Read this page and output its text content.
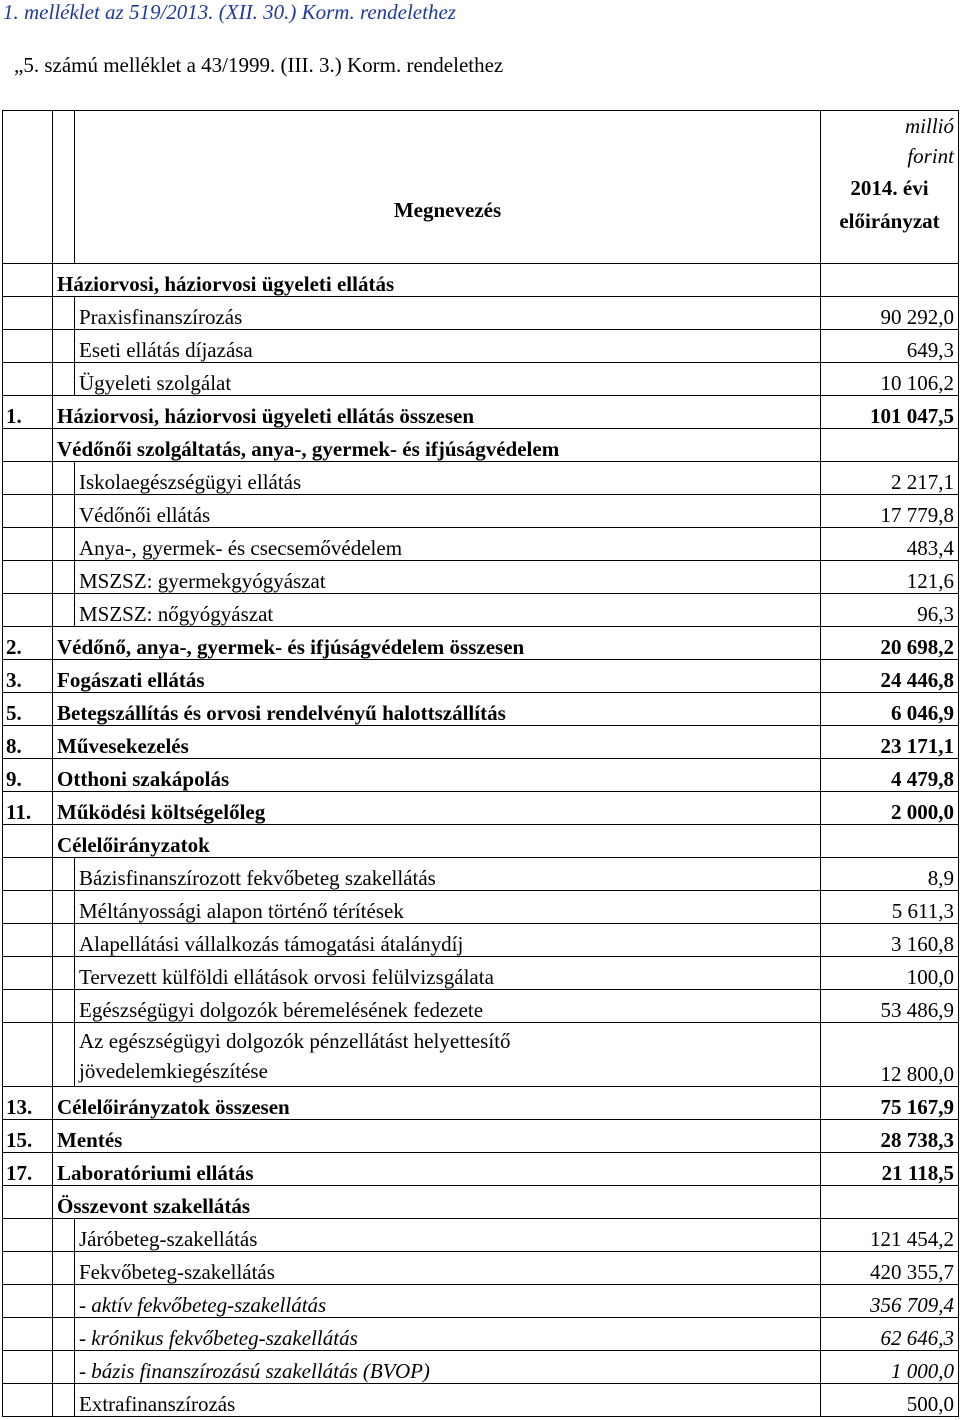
1. melléklet az 519/2013. (XII. 30.) Korm. rendelethez
„5. számú melléklet a 43/1999. (III. 3.) Korm. rendelethez
		Megnevezés	millió
forint
2014. évi
előirányzat

	Háziorvosi, háziorvosi ügyeleti ellátás		
		Praxisfinanszírozás	90 292,0
		Eseti ellátás díjazása	649,3
		Ügyeleti szolgálat	10 106,2
1.	Háziorvosi, háziorvosi ügyeleti ellátás összesen		101 047,5
	Védőnői szolgáltatás, anya-, gyermek- és ifjúságvédelem		
		Iskolaegészségügyi ellátás	2 217,1
		Védőnői ellátás	17 779,8
		Anya-, gyermek- és csecsemővédelem	483,4
		MSZSZ: gyermekgyógyászat	121,6
		MSZSZ: nőgyógyászat	96,3
2.	Védőnő, anya-, gyermek- és ifjúságvédelem összesen		20 698,2
3.	Fogászati ellátás		24 446,8
5.	Betegszállítás és orvosi rendelvényű halottszállítás		6 046,9
8.	Művesekezelés		23 171,1
9.	Otthoni szakápolás		4 479,8
11.	Működési költségelőleg		2 000,0
	Célelőirányzatok		
		Bázisfinanszírozott fekvőbeteg szakellátás	8,9
		Méltányossági alapon történő térítések	5 611,3
		Alapellátási vállalkozás támogatási átalánydíj	3 160,8
		Tervezett külföldi ellátások orvosi felülvizsgálata	100,0
		Egészségügyi dolgozók béremelésének fedezete	53 486,9

		Az egészségügyi dolgozók pénzellátást helyettesítő
jövedelemkiegészítése	12 800,0
13.	Célelőirányzatok összesen		75 167,9
15.	Mentés		28 738,3
17.	Laboratóriumi ellátás		21 118,5
	Összevont szakellátás		
		Járóbeteg-szakellátás	121 454,2
		Fekvőbeteg-szakellátás	420 355,7
		- aktív fekvőbeteg-szakellátás	356 709,4
		- krónikus fekvőbeteg-szakellátás	62 646,3
		- bázis finanszírozású szakellátás (BVOP)	1 000,0
		Extrafinanszírozás	500,0
